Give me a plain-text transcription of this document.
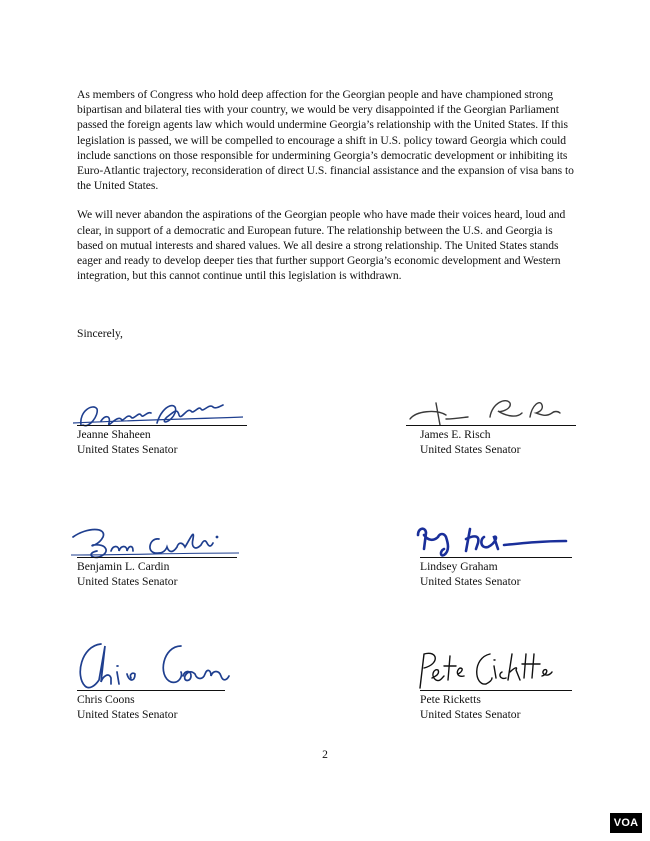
As members of Congress who hold deep affection for the Georgian people and have championed strong bipartisan and bilateral ties with your country, we would be very disappointed if the Georgian Parliament passed the foreign agents law which would undermine Georgia’s relationship with the United States. If this legislation is passed, we will be compelled to encourage a shift in U.S. policy toward Georgia which could include sanctions on those responsible for undermining Georgia’s democratic development or inhibiting its Euro-Atlantic trajectory, reconsideration of direct U.S. financial assistance and the expansion of visa bans to the United States.

We will never abandon the aspirations of the Georgian people who have made their voices heard, loud and clear, in support of a democratic and European future. The relationship between the U.S. and Georgia is based on mutual interests and shared values. We all desire a strong relationship. The United States stands eager and ready to develop deeper ties that further support Georgia’s economic development and Western integration, but this cannot continue until this legislation is withdrawn.

Sincerely,
Jeanne Shaheen
United States Senator
James E. Risch
United States Senator
Benjamin L. Cardin
United States Senator
Lindsey Graham
United States Senator
Chris Coons
United States Senator
Pete Ricketts
United States Senator
2
VOA
